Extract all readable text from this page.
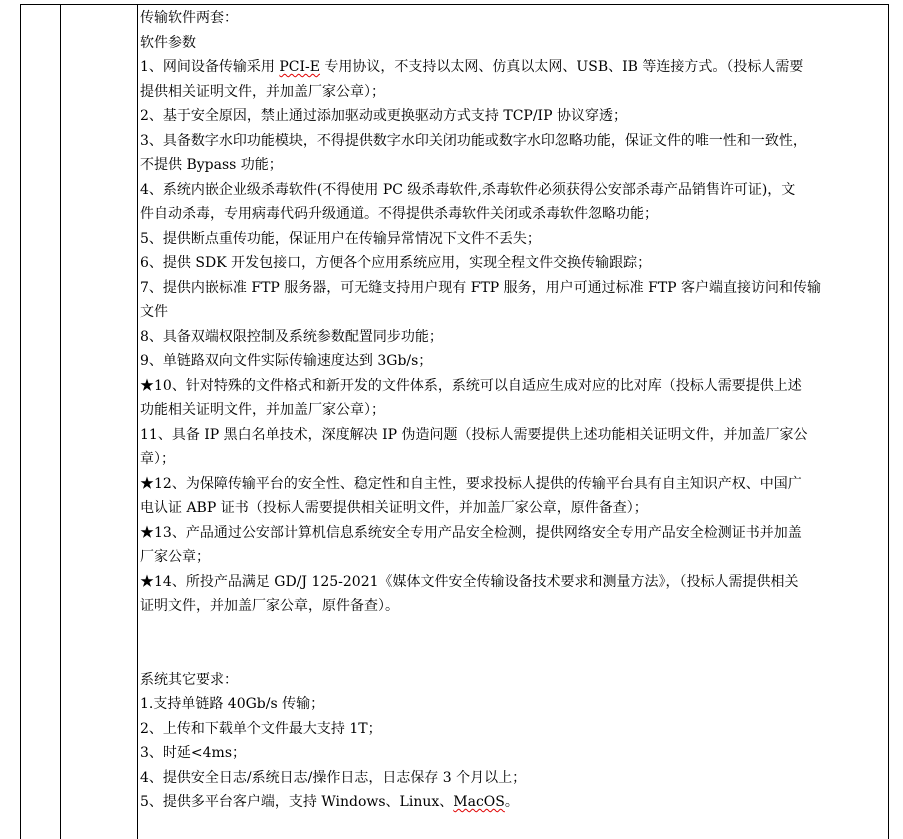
传输软件两套：
软件参数
1、网间设备传输采用 PCI-E 专用协议，不支持以太网、仿真以太网、USB、IB 等连接方式。（投标人需要
提供相关证明文件，并加盖厂家公章）；
2、基于安全原因，禁止通过添加驱动或更换驱动方式支持 TCP/IP 协议穿透；
3、具备数字水印功能模块，不得提供数字水印关闭功能或数字水印忽略功能，保证文件的唯一性和一致性，
不提供 Bypass 功能；
4、系统内嵌企业级杀毒软件(不得使用 PC 级杀毒软件,杀毒软件必须获得公安部杀毒产品销售许可证)，文
件自动杀毒，专用病毒代码升级通道。不得提供杀毒软件关闭或杀毒软件忽略功能；
5、提供断点重传功能，保证用户在传输异常情况下文件不丢失；
6、提供 SDK 开发包接口，方便各个应用系统应用，实现全程文件交换传输跟踪；
7、提供内嵌标准 FTP 服务器，可无缝支持用户现有 FTP 服务，用户可通过标准 FTP 客户端直接访问和传输
文件
8、具备双端权限控制及系统参数配置同步功能；
9、单链路双向文件实际传输速度达到 3Gb/s；
★10、针对特殊的文件格式和新开发的文件体系，系统可以自适应生成对应的比对库（投标人需要提供上述
功能相关证明文件，并加盖厂家公章）；
11、具备 IP 黑白名单技术，深度解决 IP 伪造问题（投标人需要提供上述功能相关证明文件，并加盖厂家公
章）；
★12、为保障传输平台的安全性、稳定性和自主性，要求投标人提供的传输平台具有自主知识产权、中国广
电认证 ABP 证书（投标人需要提供相关证明文件，并加盖厂家公章，原件备查）；
★13、产品通过公安部计算机信息系统安全专用产品安全检测，提供网络安全专用产品安全检测证书并加盖
厂家公章；
★14、所投产品满足 GD/J 125-2021《媒体文件安全传输设备技术要求和测量方法》，（投标人需提供相关
证明文件，并加盖厂家公章，原件备查）。
系统其它要求：
1.支持单链路 40Gb/s 传输；
2、上传和下载单个文件最大支持 1T；
3、时延<4ms；
4、提供安全日志/系统日志/操作日志，日志保存 3 个月以上；
5、提供多平台客户端，支持 Windows、Linux、MacOS。
